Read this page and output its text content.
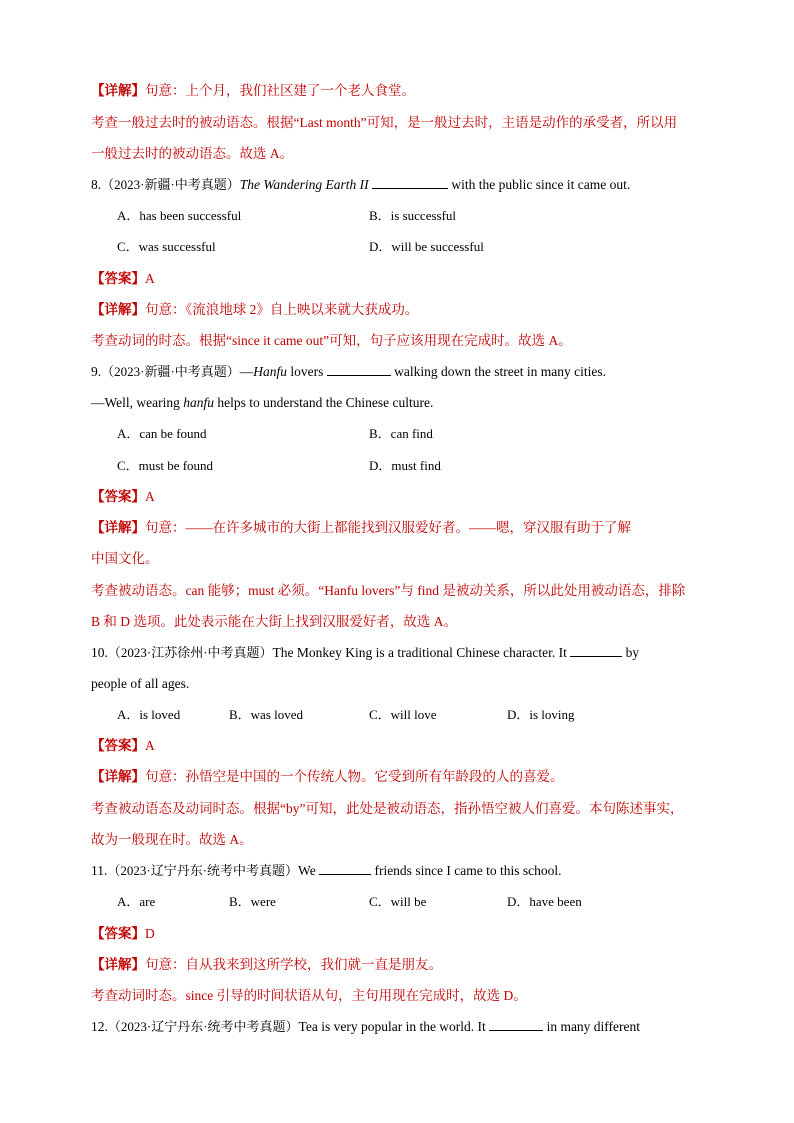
【详解】句意：上个月，我们社区建了一个老人食堂。
考查一般过去时的被动语态。根据“Last month”可知，是一般过去时，主语是动作的承受者，所以用
一般过去时的被动语态。故选 A。
8.（2023·新疆·中考真题）The Wandering Earth II	with the public since it came out.
A．has been successful	B．is successful
C．was successful	D．will be successful
【答案】A
【详解】句意：《流浪地球 2》自上映以来就大获成功。
考查动词的时态。根据“since it came out”可知，句子应该用现在完成时。故选 A。
9.（2023·新疆·中考真题）—Hanfu lovers	walking down the street in many cities.
—Well, wearing hanfu helps to understand the Chinese culture.
A．can be found	B．can find
C．must be found	D．must find
【答案】A
【详解】句意：——在许多城市的大街上都能找到汉服爱好者。——嗯，穿汉服有助于了解
中国文化。
考查被动语态。can 能够；must 必须。“Hanfu lovers”与 find 是被动关系，所以此处用被动语态，排除
B 和 D 选项。此处表示能在大街上找到汉服爱好者，故选 A。
10.（2023·江苏徐州·中考真题）The Monkey King is a traditional Chinese character. It	by
people of all ages.
A．is loved	B．was loved	C．will love	D．is loving
【答案】A
【详解】句意：孙悟空是中国的一个传统人物。它受到所有年龄段的人的喜爱。
考查被动语态及动词时态。根据“by”可知，此处是被动语态，指孙悟空被人们喜爱。本句陈述事实，
故为一般现在时。故选 A。
11.（2023·辽宁丹东·统考中考真题）We	friends since I came to this school.
A．are	B．were	C．will be	D．have been
【答案】D
【详解】句意：自从我来到这所学校，我们就一直是朋友。
考查动词时态。since 引导的时间状语从句，主句用现在完成时，故选 D。
12.（2023·辽宁丹东·统考中考真题）Tea is very popular in the world. It	in many different
